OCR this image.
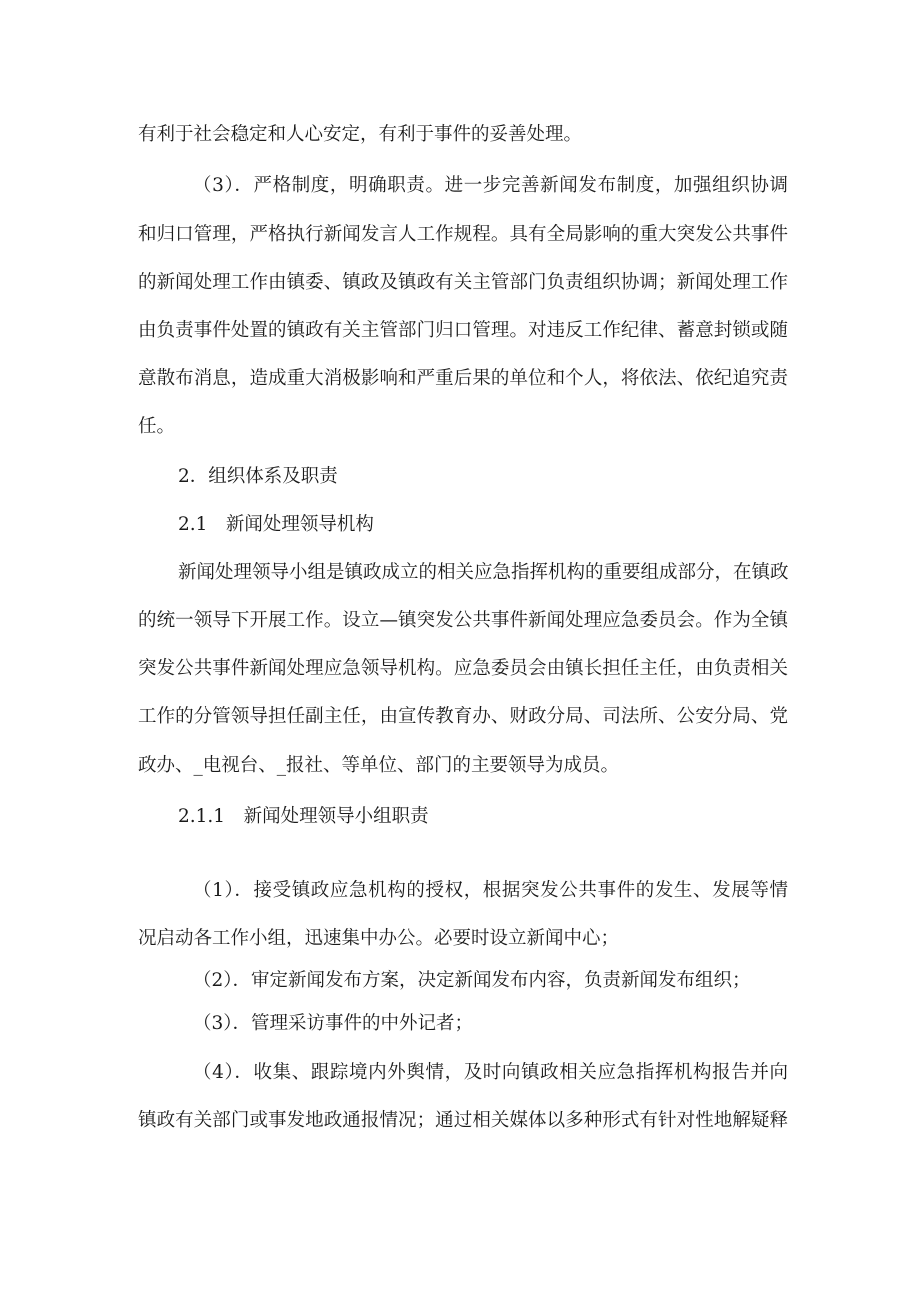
有利于社会稳定和人心安定，有利于事件的妥善处理。
（3）．严格制度，明确职责。进一步完善新闻发布制度，加强组织协调
和归口管理，严格执行新闻发言人工作规程。具有全局影响的重大突发公共事件
的新闻处理工作由镇委、镇政及镇政有关主管部门负责组织协调；新闻处理工作
由负责事件处置的镇政有关主管部门归口管理。对违反工作纪律、蓄意封锁或随
意散布消息，造成重大消极影响和严重后果的单位和个人，将依法、依纪追究责
任。
2．组织体系及职责
2.1　新闻处理领导机构
新闻处理领导小组是镇政成立的相关应急指挥机构的重要组成部分，在镇政
的统一领导下开展工作。设立—镇突发公共事件新闻处理应急委员会。作为全镇
突发公共事件新闻处理应急领导机构。应急委员会由镇长担任主任，由负责相关
工作的分管领导担任副主任，由宣传教育办、财政分局、司法所、公安分局、党
政办、_电视台、_报社、等单位、部门的主要领导为成员。
2.1.1　新闻处理领导小组职责
（1）．接受镇政应急机构的授权，根据突发公共事件的发生、发展等情
况启动各工作小组，迅速集中办公。必要时设立新闻中心；
（2）．审定新闻发布方案，决定新闻发布内容，负责新闻发布组织；
（3）．管理采访事件的中外记者；
（4）．收集、跟踪境内外舆情，及时向镇政相关应急指挥机构报告并向
镇政有关部门或事发地政通报情况；通过相关媒体以多种形式有针对性地解疑释
